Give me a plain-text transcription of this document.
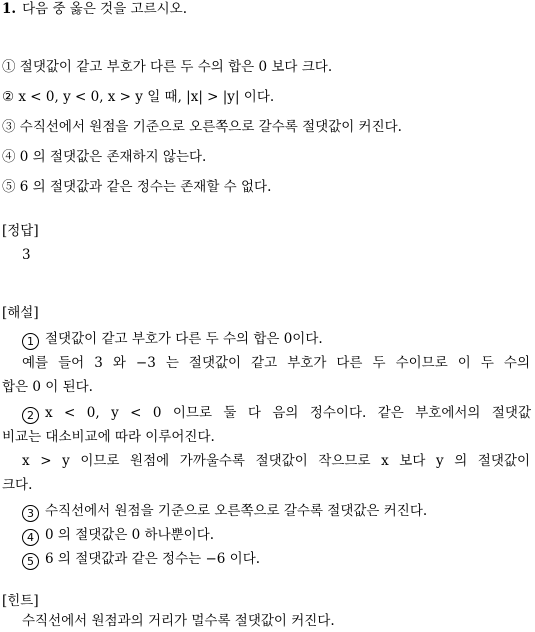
1. 다음 중 옳은 것을 고르시오.
① 절댓값이 같고 부호가 다른 두 수의 합은 0 보다 크다.
② x < 0, y < 0, x > y 일 때, |x| > |y| 이다.
③ 수직선에서 원점을 기준으로 오른쪽으로 갈수록 절댓값이 커진다.
④ 0 의 절댓값은 존재하지 않는다.
⑤ 6 의 절댓값과 같은 정수는 존재할 수 없다.
[정답]
3
[해설]
1 절댓값이 같고 부호가 다른 두 수의 합은 0이다.
예를 들어 3 와 −3 는 절댓값이 같고 부호가 다른 두 수이므로 이 두 수의
합은 0 이 된다.
2 x < 0, y < 0 이므로 둘 다 음의 정수이다. 같은 부호에서의 절댓값
비교는 대소비교에 따라 이루어진다.
x > y 이므로 원점에 가까울수록 절댓값이 작으므로 x 보다 y 의 절댓값이
크다.
3 수직선에서 원점을 기준으로 오른쪽으로 갈수록 절댓값은 커진다.
4 0 의 절댓값은 0 하나뿐이다.
5 6 의 절댓값과 같은 정수는 −6 이다.
[힌트]
수직선에서 원점과의 거리가 멀수록 절댓값이 커진다.
